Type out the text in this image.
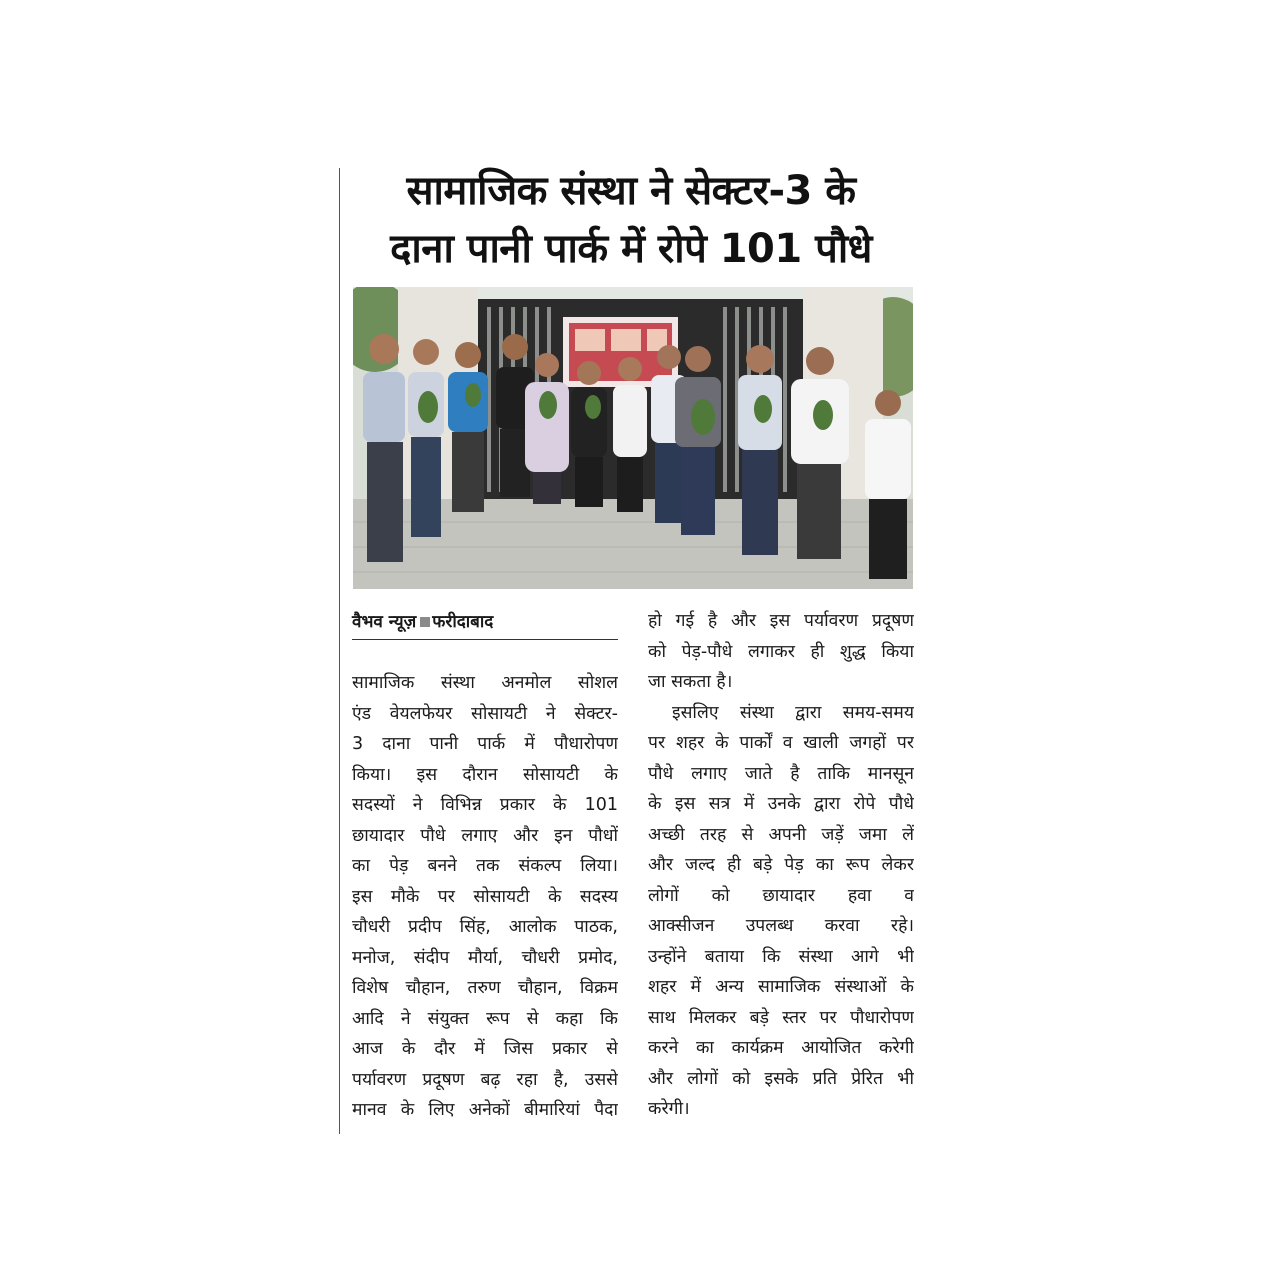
सामाजिक संस्था ने सेक्टर-3 के
दाना पानी पार्क में रोपे 101 पौधे
वैभव न्यूज़ फरीदाबाद
सामाजिक संस्था अनमोल सोशल
एंड वेयलफेयर सोसायटी ने सेक्टर-
3 दाना पानी पार्क में पौधारोपण
किया। इस दौरान सोसायटी के
सदस्यों ने विभिन्न प्रकार के 101
छायादार पौधे लगाए और इन पौधों
का पेड़ बनने तक संकल्प लिया।
इस मौके पर सोसायटी के सदस्य
चौधरी प्रदीप सिंह, आलोक पाठक,
मनोज, संदीप मौर्या, चौधरी प्रमोद,
विशेष चौहान, तरुण चौहान, विक्रम
आदि ने संयुक्त रूप से कहा कि
आज के दौर में जिस प्रकार से
पर्यावरण प्रदूषण बढ़ रहा है, उससे
मानव के लिए अनेकों बीमारियां पैदा
हो गई है और इस पर्यावरण प्रदूषण
को पेड़-पौधे लगाकर ही शुद्ध किया
जा सकता है।
इसलिए संस्था द्वारा समय-समय
पर शहर के पार्कों व खाली जगहों पर
पौधे लगाए जाते है ताकि मानसून
के इस सत्र में उनके द्वारा रोपे पौधे
अच्छी तरह से अपनी जड़ें जमा लें
और जल्द ही बड़े पेड़ का रूप लेकर
लोगों को छायादार हवा व
आक्सीजन उपलब्ध करवा रहे।
उन्होंने बताया कि संस्था आगे भी
शहर में अन्य सामाजिक संस्थाओं के
साथ मिलकर बड़े स्तर पर पौधारोपण
करने का कार्यक्रम आयोजित करेगी
और लोगों को इसके प्रति प्रेरित भी
करेगी।
